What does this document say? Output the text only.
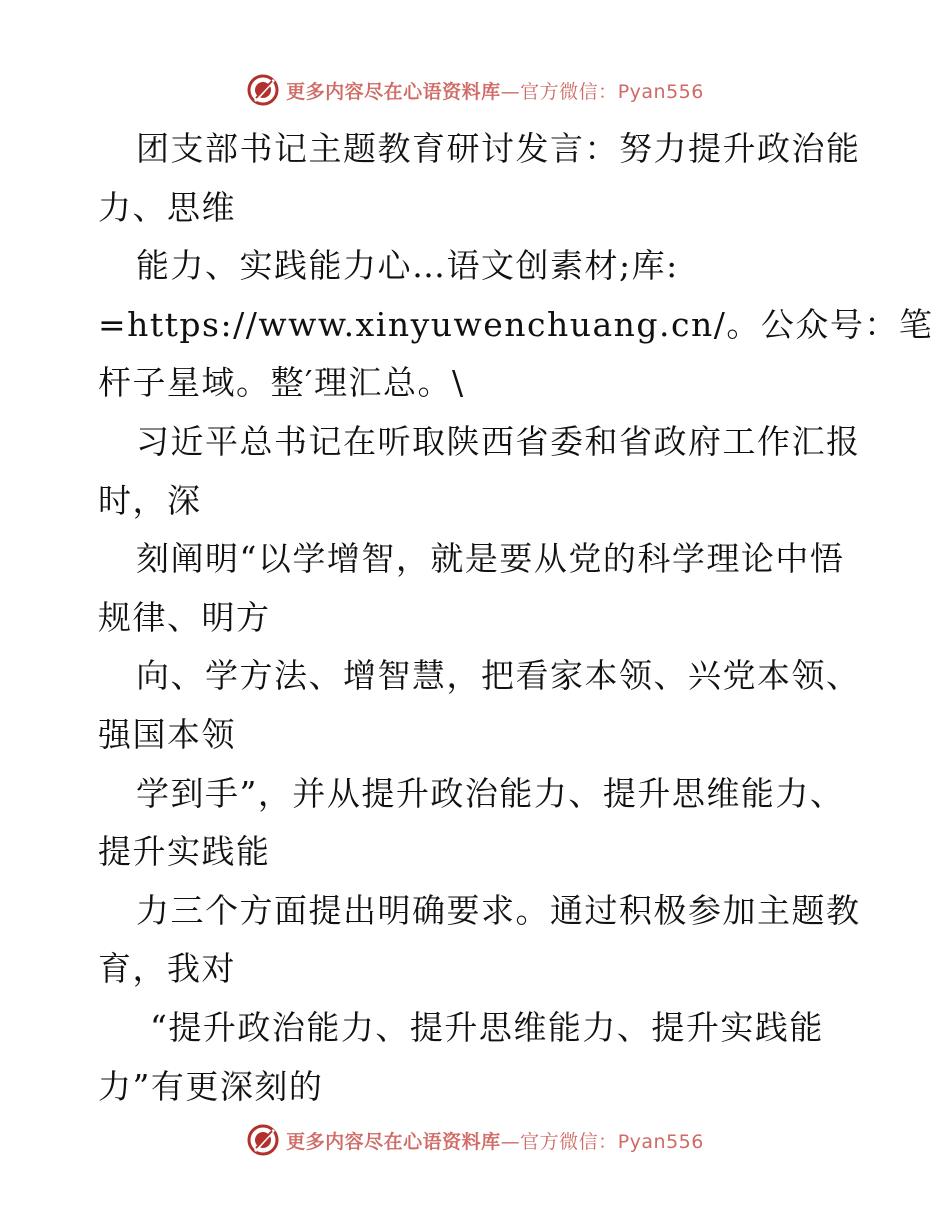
更多内容尽在心语资料库—官方微信：Pyan556
团支部书记主题教育研讨发言：努力提升政治能
力、思维
能力、实践能力心…语文创素材;库:
=https://www.xinyuwenchuang.cn/。公众号：笔
杆子星域。整′理汇总。\
习近平总书记在听取陕西省委和省政府工作汇报
时，深
刻阐明“以学增智，就是要从党的科学理论中悟
规律、明方
向、学方法、增智慧，把看家本领、兴党本领、
强国本领
学到手”，并从提升政治能力、提升思维能力、
提升实践能
力三个方面提出明确要求。通过积极参加主题教
育，我对
“提升政治能力、提升思维能力、提升实践能
力”有更深刻的
更多内容尽在心语资料库—官方微信：Pyan556
